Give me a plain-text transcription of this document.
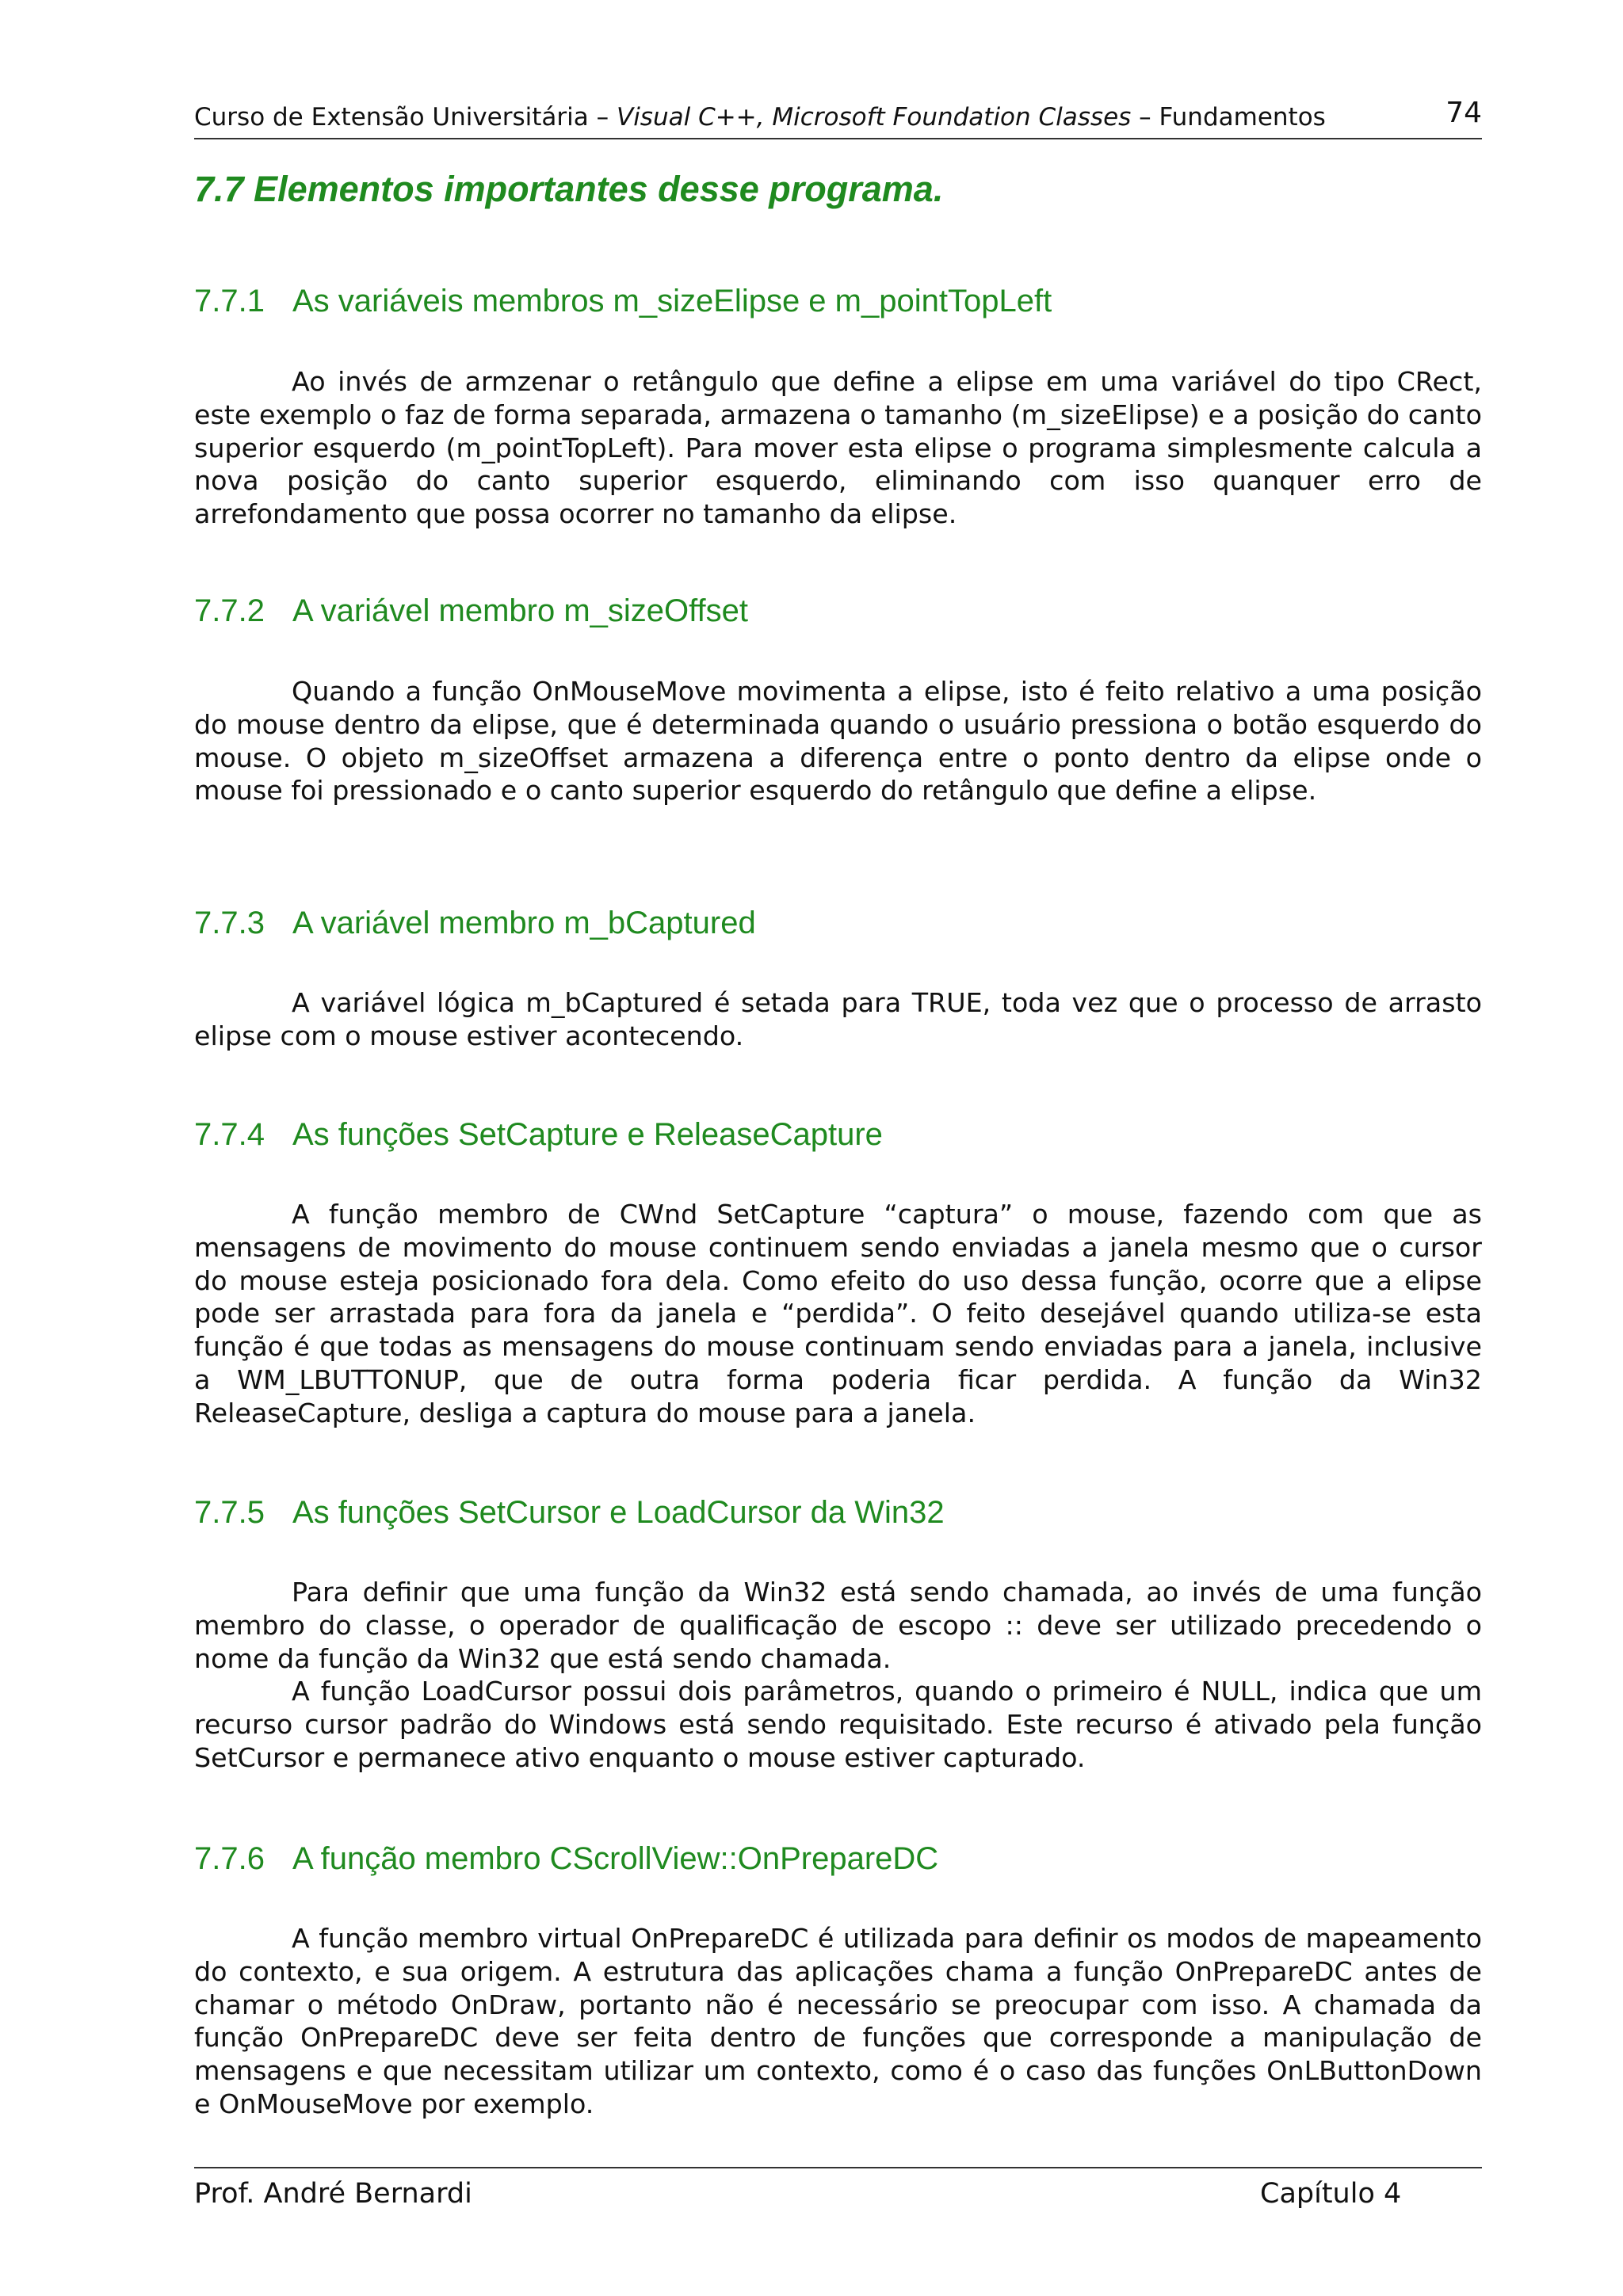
Curso de Extensão Universitária – Visual C++, Microsoft Foundation Classes – Fundamentos	74
7.7 Elementos importantes desse programa.
7.7.1 As variáveis membros m_sizeElipse e m_pointTopLeft

Ao invés de armzenar o retângulo que define a elipse em uma variável do tipo CRect, este exemplo o faz de forma separada, armazena o tamanho (m_sizeElipse) e a posição do canto superior esquerdo (m_pointTopLeft). Para mover esta elipse o programa simplesmente calcula a nova posição do canto superior esquerdo, eliminando com isso quanquer erro de arrefondamento que possa ocorrer no tamanho da elipse.

7.7.2 A variável membro m_sizeOffset

Quando a função OnMouseMove movimenta a elipse, isto é feito relativo a uma posição do mouse dentro da elipse, que é determinada quando o usuário pressiona o botão esquerdo do mouse. O objeto m_sizeOffset armazena a diferença entre o ponto dentro da elipse onde o mouse foi pressionado e o canto superior esquerdo do retângulo que define a elipse.

7.7.3 A variável membro m_bCaptured

A variável lógica m_bCaptured é setada para TRUE, toda vez que o processo de arrasto elipse com o mouse estiver acontecendo.

7.7.4 As funções SetCapture e ReleaseCapture

A função membro de CWnd SetCapture “captura” o mouse, fazendo com que as mensagens de movimento do mouse continuem sendo enviadas a janela mesmo que o cursor do mouse esteja posicionado fora dela. Como efeito do uso dessa função, ocorre que a elipse pode ser arrastada para fora da janela e “perdida”. O feito desejável quando utiliza-se esta função é que todas as mensagens do mouse continuam sendo enviadas para a janela, inclusive a WM_LBUTTONUP, que de outra forma poderia ficar perdida. A função da Win32 ReleaseCapture, desliga a captura do mouse para a janela.

7.7.5 As funções SetCursor e LoadCursor da Win32

Para definir que uma função da Win32 está sendo chamada, ao invés de uma função membro do classe, o operador de qualificação de escopo :: deve ser utilizado precedendo o nome da função da Win32 que está sendo chamada.

A função LoadCursor possui dois parâmetros, quando o primeiro é NULL, indica que um recurso cursor padrão do Windows está sendo requisitado. Este recurso é ativado pela função SetCursor e permanece ativo enquanto o mouse estiver capturado.

7.7.6 A função membro CScrollView::OnPrepareDC

A função membro virtual OnPrepareDC é utilizada para definir os modos de mapeamento do contexto, e sua origem. A estrutura das aplicações chama a função OnPrepareDC antes de chamar o método OnDraw, portanto não é necessário se preocupar com isso. A chamada da função OnPrepareDC deve ser feita dentro de funções que corresponde a manipulação de mensagens e que necessitam utilizar um contexto, como é o caso das funções OnLButtonDown e OnMouseMove por exemplo.

Prof. André Bernardi	Capítulo 4
